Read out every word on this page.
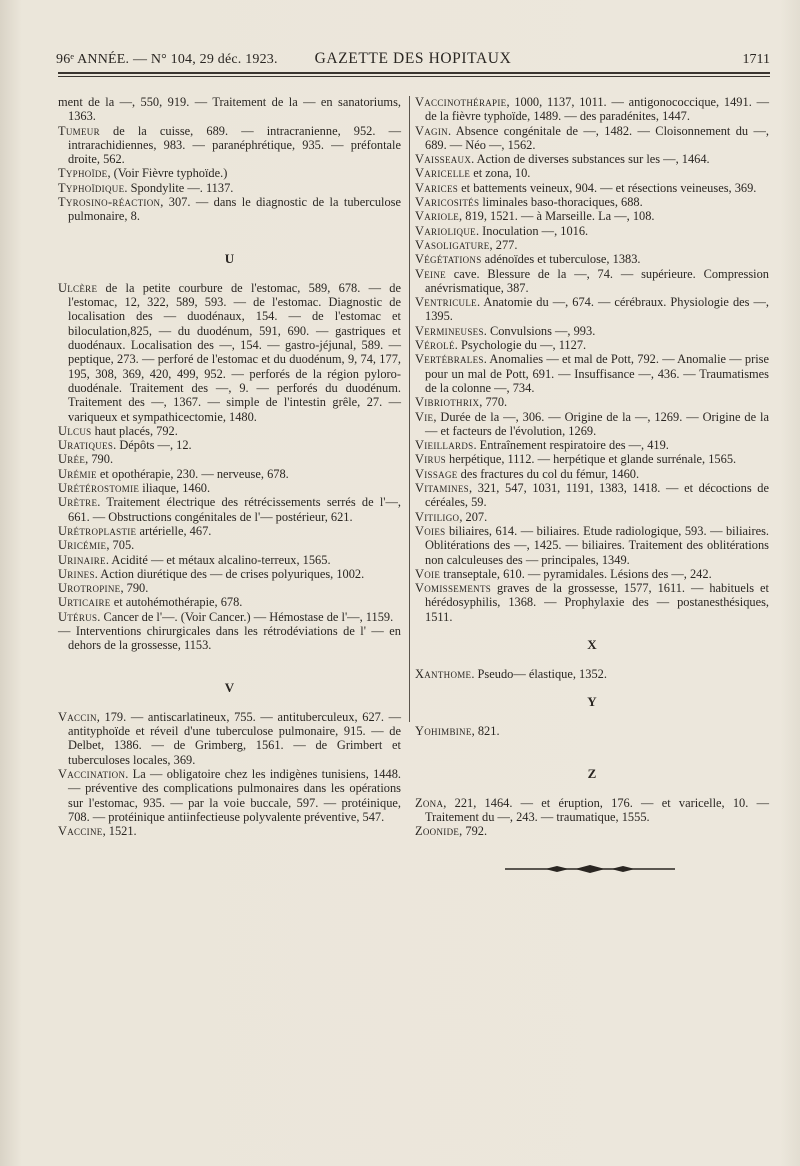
96ᵉ ANNÉE. — N° 104, 29 déc. 1923.	GAZETTE DES HOPITAUX	1711

ment de la —, 550, 919. — Traitement de la — en sanatoriums, 1363.

Tumeur de la cuisse, 689. — intracranienne, 952. — intrarachidiennes, 983. — paranéphrétique, 935. — préfontale droite, 562.

Typhoïde, (Voir Fièvre typhoïde.)

Typhoïdique. Spondylite —. 1137.

Tyrosino-réaction, 307. — dans le diagnostic de la tuberculose pulmonaire, 8.

U

Ulcère de la petite courbure de l'estomac, 589, 678. — de l'estomac, 12, 322, 589, 593. — de l'estomac. Diagnostic de localisation des — duodénaux, 154. — de l'estomac et biloculation,825, — du duodénum, 591, 690. — gastriques et duodénaux. Localisation des —, 154. — gastro-jéjunal, 589. — peptique, 273. — perforé de l'estomac et du duodénum, 9, 74, 177, 195, 308, 369, 420, 499, 952. — perforés de la région pyloro-duodénale. Traitement des —, 9. — perforés du duodénum. Traitement des —, 1367. — simple de l'intestin grêle, 27. — variqueux et sympathicectomie, 1480.

Ulcus haut placés, 792.

Uratiques. Dépôts —, 12.

Urée, 790.

Urémie et opothérapie, 230. — nerveuse, 678.

Urétérostomie iliaque, 1460.

Urètre. Traitement électrique des rétrécissements serrés de l'—, 661. — Obstructions congénitales de l'— postérieur, 621.

Urétroplastie artérielle, 467.

Uricémie, 705.

Urinaire. Acidité — et métaux alcalino-terreux, 1565.

Urines. Action diurétique des — de crises polyuriques, 1002.

Urotropine, 790.

Urticaire et autohémothérapie, 678.

Utérus. Cancer de l'—. (Voir Cancer.) — Hémostase de l'—, 1159.

— Interventions chirurgicales dans les rétrodéviations de l' — en dehors de la grossesse, 1153.

V

Vaccin, 179. — antiscarlatineux, 755. — antituberculeux, 627. — antityphoïde et réveil d'une tuberculose pulmonaire, 915. — de Delbet, 1386. — de Grimberg, 1561. — de Grimbert et tuberculoses locales, 369.

Vaccination. La — obligatoire chez les indigènes tunisiens, 1448. — préventive des complications pulmonaires dans les opérations sur l'estomac, 935. — par la voie buccale, 597. — protéinique, 708. — protéinique antiinfectieuse polyvalente préventive, 547.

Vaccine, 1521.

Vaccinothérapie, 1000, 1137, 1011. — antigonococcique, 1491. — de la fièvre typhoïde, 1489. — des paradénites, 1447.

Vagin. Absence congénitale de —, 1482. — Cloisonnement du —, 689. — Néo —, 1562.

Vaisseaux. Action de diverses substances sur les —, 1464.

Varicelle et zona, 10.

Varices et battements veineux, 904. — et résections veineuses, 369.

Varicosités liminales baso-thoraciques, 688.

Variole, 819, 1521. — à Marseille. La —, 108.

Variolique. Inoculation —, 1016.

Vasoligature, 277.

Végétations adénoïdes et tuberculose, 1383.

Veine cave. Blessure de la —, 74. — supérieure. Compression anévrismatique, 387.

Ventricule. Anatomie du —, 674. — cérébraux. Physiologie des —, 1395.

Vermineuses. Convulsions —, 993.

Vérolé. Psychologie du —, 1127.

Vertébrales. Anomalies — et mal de Pott, 792. — Anomalie — prise pour un mal de Pott, 691. — Insuffisance —, 436. — Traumatismes de la colonne —, 734.

Vibriothrix, 770.

Vie, Durée de la —, 306. — Origine de la —, 1269. — Origine de la — et facteurs de l'évolution, 1269.

Vieillards. Entraînement respiratoire des —, 419.

Virus herpétique, 1112. — herpétique et glande surrénale, 1565.

Vissage des fractures du col du fémur, 1460.

Vitamines, 321, 547, 1031, 1191, 1383, 1418. — et décoctions de céréales, 59.

Vitiligo, 207.

Voies biliaires, 614. — biliaires. Etude radiologique, 593. — biliaires. Oblitérations des —, 1425. — biliaires. Traitement des oblitérations non calculeuses des — principales, 1349.

Voie transeptale, 610. — pyramidales. Lésions des —, 242.

Vomissements graves de la grossesse, 1577, 1611. — habituels et hérédosyphilis, 1368. — Prophylaxie des — postanesthésiques, 1511.

X

Xanthome. Pseudo— élastique, 1352.

Y

Yohimbine, 821.

Z

Zona, 221, 1464. — et éruption, 176. — et varicelle, 10. — Traitement du —, 243. — traumatique, 1555.

Zoonide, 792.
